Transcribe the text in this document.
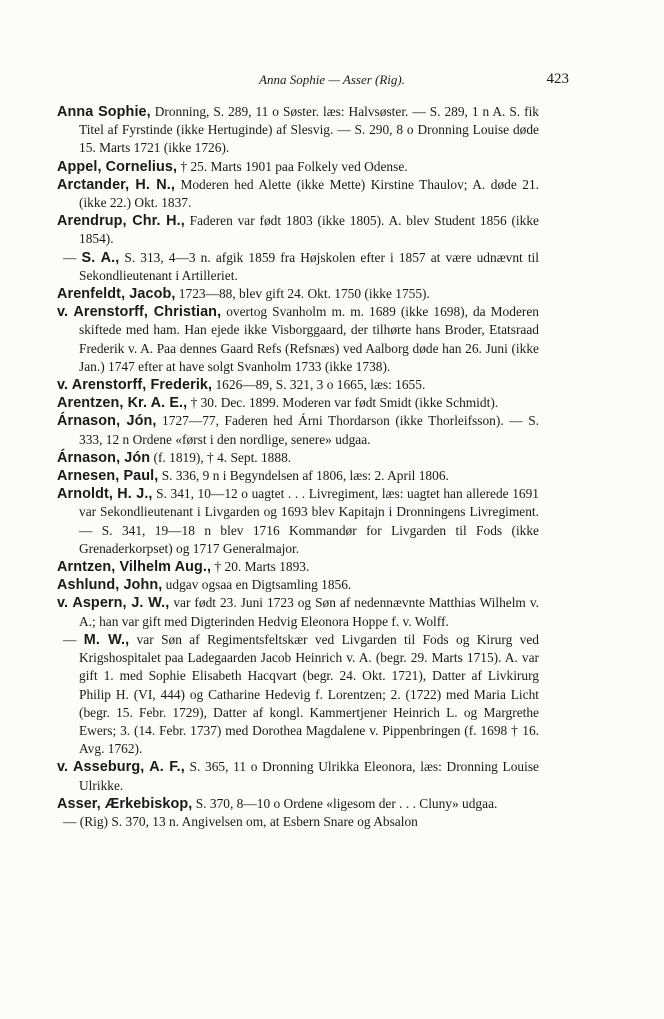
Anna Sophie — Asser (Rig).	423

Anna Sophie, Dronning, S. 289, 11 o Søster. læs: Halvsøster. — S. 289, 1 n A. S. fik Titel af Fyrstinde (ikke Hertuginde) af Slesvig. — S. 290, 8 o Dronning Louise døde 15. Marts 1721 (ikke 1726).

Appel, Cornelius, † 25. Marts 1901 paa Folkely ved Odense.

Arctander, H. N., Moderen hed Alette (ikke Mette) Kirstine Thaulov; A. døde 21. (ikke 22.) Okt. 1837.

Arendrup, Chr. H., Faderen var født 1803 (ikke 1805). A. blev Student 1856 (ikke 1854).

— S. A., S. 313, 4—3 n. afgik 1859 fra Højskolen efter i 1857 at være udnævnt til Sekondlieutenant i Artilleriet.

Arenfeldt, Jacob, 1723—88, blev gift 24. Okt. 1750 (ikke 1755).

v. Arenstorff, Christian, overtog Svanholm m. m. 1689 (ikke 1698), da Moderen skiftede med ham. Han ejede ikke Visborggaard, der tilhørte hans Broder, Etatsraad Frederik v. A. Paa dennes Gaard Refs (Refsnæs) ved Aalborg døde han 26. Juni (ikke Jan.) 1747 efter at have solgt Svanholm 1733 (ikke 1738).

v. Arenstorff, Frederik, 1626—89, S. 321, 3 o 1665, læs: 1655.

Arentzen, Kr. A. E., † 30. Dec. 1899. Moderen var født Smidt (ikke Schmidt).

Árnason, Jón, 1727—77, Faderen hed Árni Thordarson (ikke Thorleifsson). — S. 333, 12 n Ordene «først i den nordlige, senere» udgaa.

Árnason, Jón (f. 1819), † 4. Sept. 1888.

Arnesen, Paul, S. 336, 9 n i Begyndelsen af 1806, læs: 2. April 1806.

Arnoldt, H. J., S. 341, 10—12 o uagtet . . . Livregiment, læs: uagtet han allerede 1691 var Sekondlieutenant i Livgarden og 1693 blev Kapitajn i Dronningens Livregiment. — S. 341, 19—18 n blev 1716 Kommandør for Livgarden til Fods (ikke Grenaderkorpset) og 1717 Generalmajor.

Arntzen, Vilhelm Aug., † 20. Marts 1893.

Ashlund, John, udgav ogsaa en Digtsamling 1856.

v. Aspern, J. W., var født 23. Juni 1723 og Søn af nedennævnte Matthias Wilhelm v. A.; han var gift med Digterinden Hedvig Eleonora Hoppe f. v. Wolff.

— M. W., var Søn af Regimentsfeltskær ved Livgarden til Fods og Kirurg ved Krigshospitalet paa Ladegaarden Jacob Heinrich v. A. (begr. 29. Marts 1715). A. var gift 1. med Sophie Elisabeth Hacqvart (begr. 24. Okt. 1721), Datter af Livkirurg Philip H. (VI, 444) og Catharine Hedevig f. Lorentzen; 2. (1722) med Maria Licht (begr. 15. Febr. 1729), Datter af kongl. Kammertjener Heinrich L. og Margrethe Ewers; 3. (14. Febr. 1737) med Dorothea Magdalene v. Pippenbringen (f. 1698 † 16. Avg. 1762).

v. Asseburg, A. F., S. 365, 11 o Dronning Ulrikka Eleonora, læs: Dronning Louise Ulrikke.

Asser, Ærkebiskop, S. 370, 8—10 o Ordene «ligesom der . . . Cluny» udgaa.

— (Rig) S. 370, 13 n. Angivelsen om, at Esbern Snare og Absalon
